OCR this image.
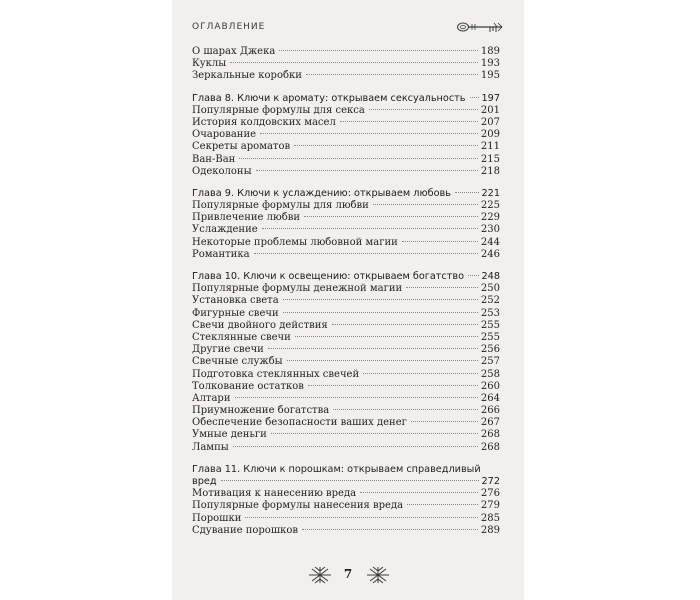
ОГЛАВЛЕНИЕ
О шарах Джека	189
Куклы	193
Зеркальные коробки	195
Глава 8. Ключи к аромату: открываем сексуальность 197
Популярные формулы для секса	201
История колдовских масел	207
Очарование	209
Секреты ароматов	211
Ван-Ван	215
Одеколоны	218
Глава 9. Ключи к услаждению: открываем любовь	221
Популярные формулы для любви	225
Привлечение любви	229
Услаждение	230
Некоторые проблемы любовной магии	244
Романтика	246
Глава 10. Ключи к освещению: открываем богатство 248
Популярные формулы денежной магии	250
Установка света	252
Фигурные свечи	253
Свечи двойного действия	255
Стеклянные свечи	255
Другие свечи	256
Свечные службы	257
Подготовка стеклянных свечей	258
Толкование остатков	260
Алтари	264
Приумножение богатства	266
Обеспечение безопасности ваших денег	267
Умные деньги	268
Лампы	268
Глава 11. Ключи к порошкам: открываем справедливый
вред	272
Мотивация к нанесению вреда	276
Популярные формулы нанесения вреда	279
Порошки	285
Сдувание порошков	289
7
